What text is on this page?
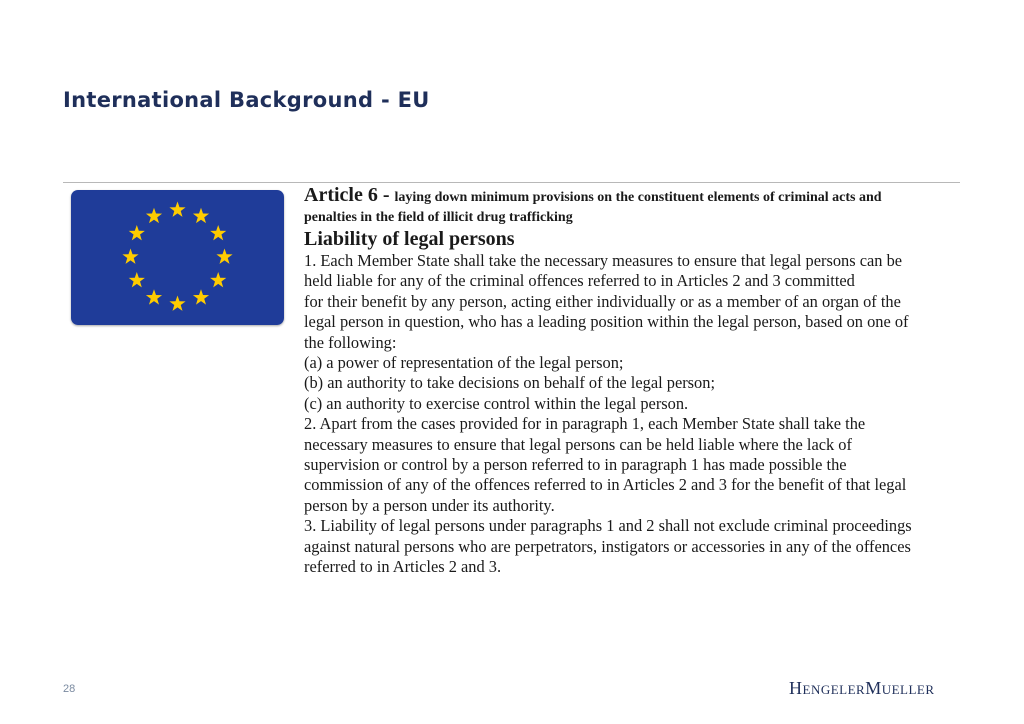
International Background - EU
Article 6 - laying down minimum provisions on the constituent elements of criminal acts and
penalties in the field of illicit drug trafficking
Liability of legal persons

1. Each Member State shall take the necessary measures to ensure that legal persons can be

held liable for any of the criminal offences referred to in Articles 2 and 3 committed

for their benefit by any person, acting either individually or as a member of an organ of the

legal person in question, who has a leading position within the legal person, based on one of

the following:

(a) a power of representation of the legal person;

(b) an authority to take decisions on behalf of the legal person;

(c) an authority to exercise control within the legal person.

2. Apart from the cases provided for in paragraph 1, each Member State shall take the

necessary measures to ensure that legal persons can be held liable where the lack of

supervision or control by a person referred to in paragraph 1 has made possible the

commission of any of the offences referred to in Articles 2 and 3 for the benefit of that legal

person by a person under its authority.

3. Liability of legal persons under paragraphs 1 and 2 shall not exclude criminal proceedings

against natural persons who are perpetrators, instigators or accessories in any of the offences

referred to in Articles 2 and 3.

28	HengelerMueller
